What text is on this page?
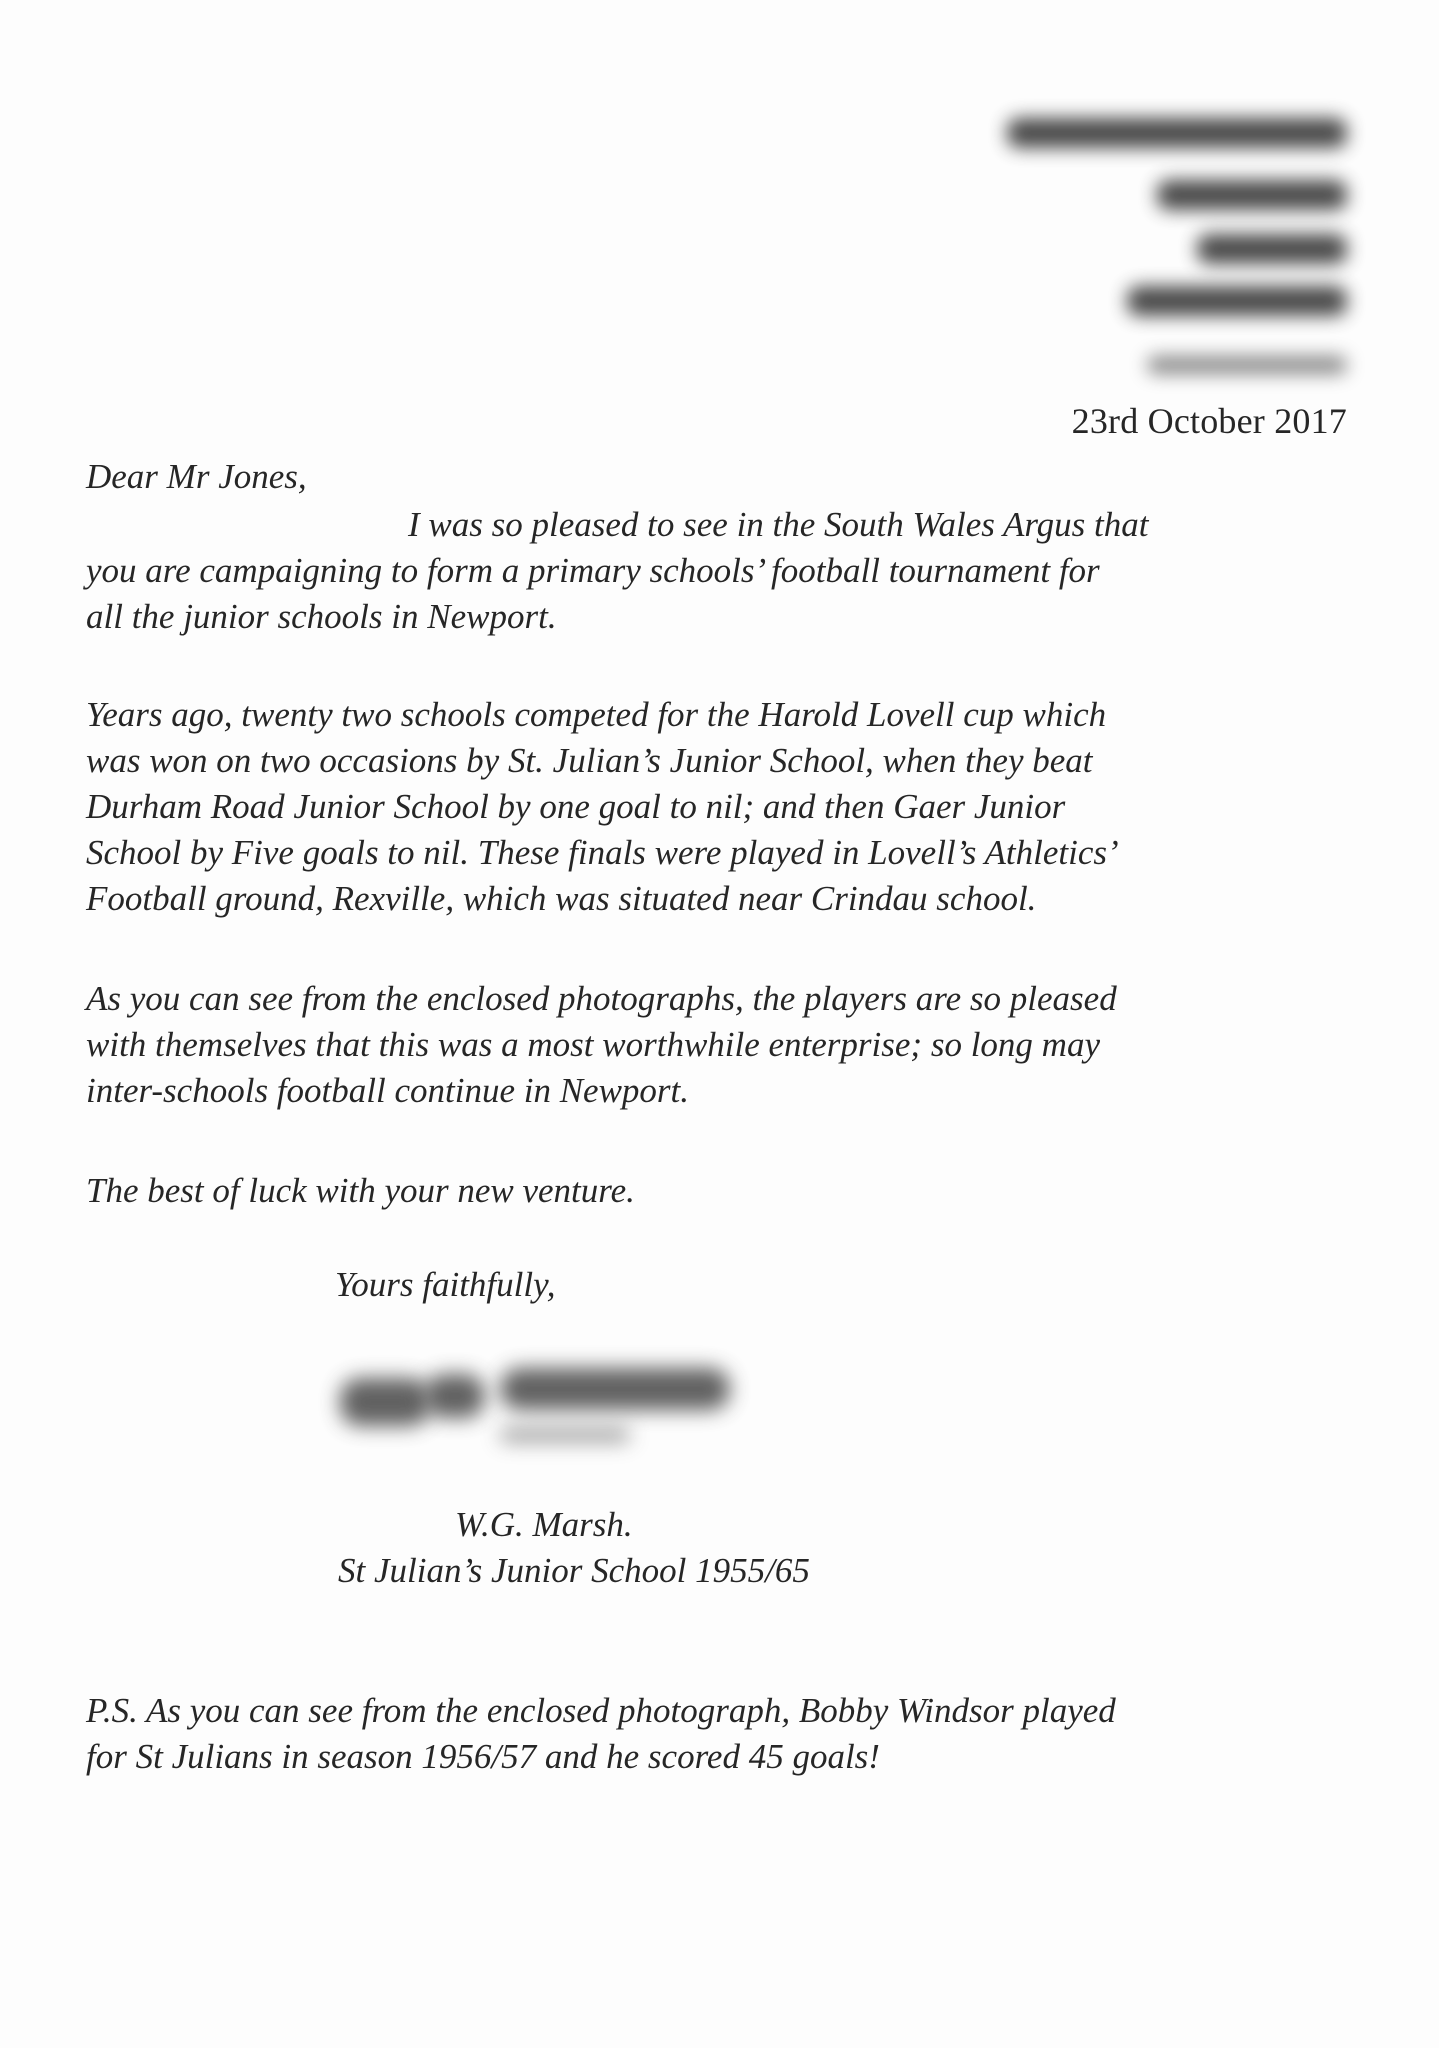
23rd October 2017
Dear Mr Jones,
I was so pleased to see in the South Wales Argus that
you are campaigning to form a primary schools’ football tournament for
all the junior schools in Newport.
Years ago, twenty two schools competed for the Harold Lovell cup which
was won on two occasions by St. Julian’s Junior School, when they beat
Durham Road Junior School by one goal to nil; and then Gaer Junior
School by Five goals to nil. These finals were played in Lovell’s Athletics’
Football ground, Rexville, which was situated near Crindau school.
As you can see from the enclosed photographs, the players are so pleased
with themselves that this was a most worthwhile enterprise; so long may
inter-schools football continue in Newport.
The best of luck with your new venture.
Yours faithfully,
W.G. Marsh.
St Julian’s Junior School 1955/65
P.S. As you can see from the enclosed photograph, Bobby Windsor played
for St Julians in season 1956/57 and he scored 45 goals!
